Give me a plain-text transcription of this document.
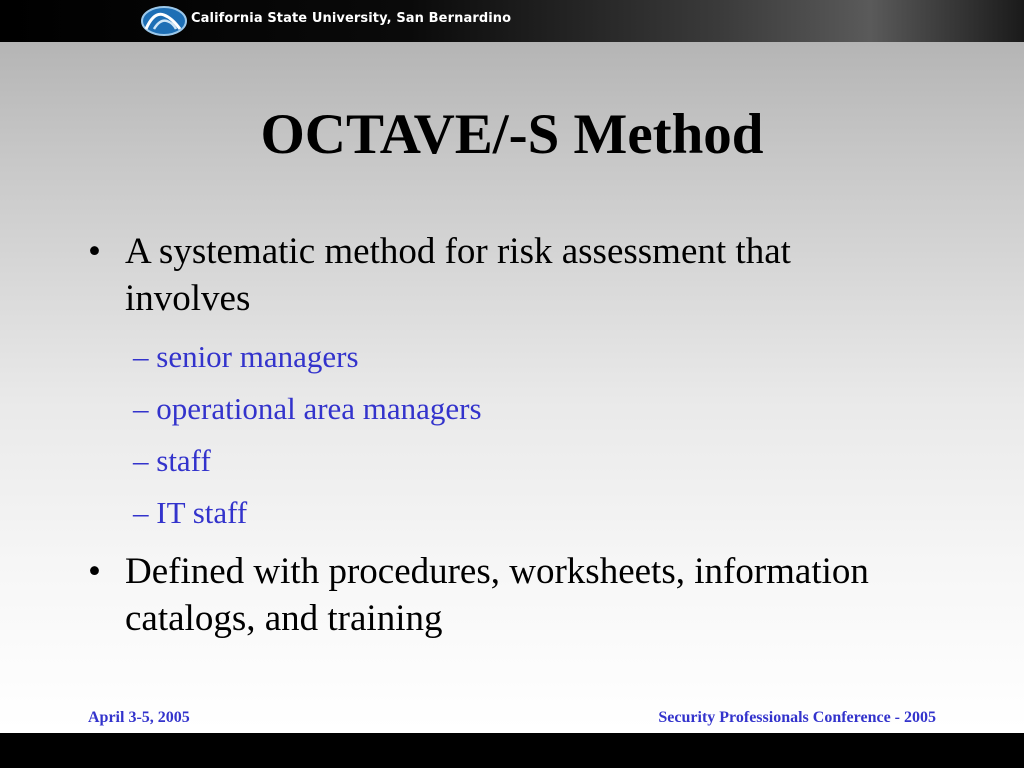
California State University, San Bernardino
OCTAVE/-S Method
• A systematic method for risk assessment that involves
– senior managers
– operational area managers
– staff
– IT staff
• Defined with procedures, worksheets, information catalogs, and training
April 3-5, 2005	Security Professionals Conference - 2005
